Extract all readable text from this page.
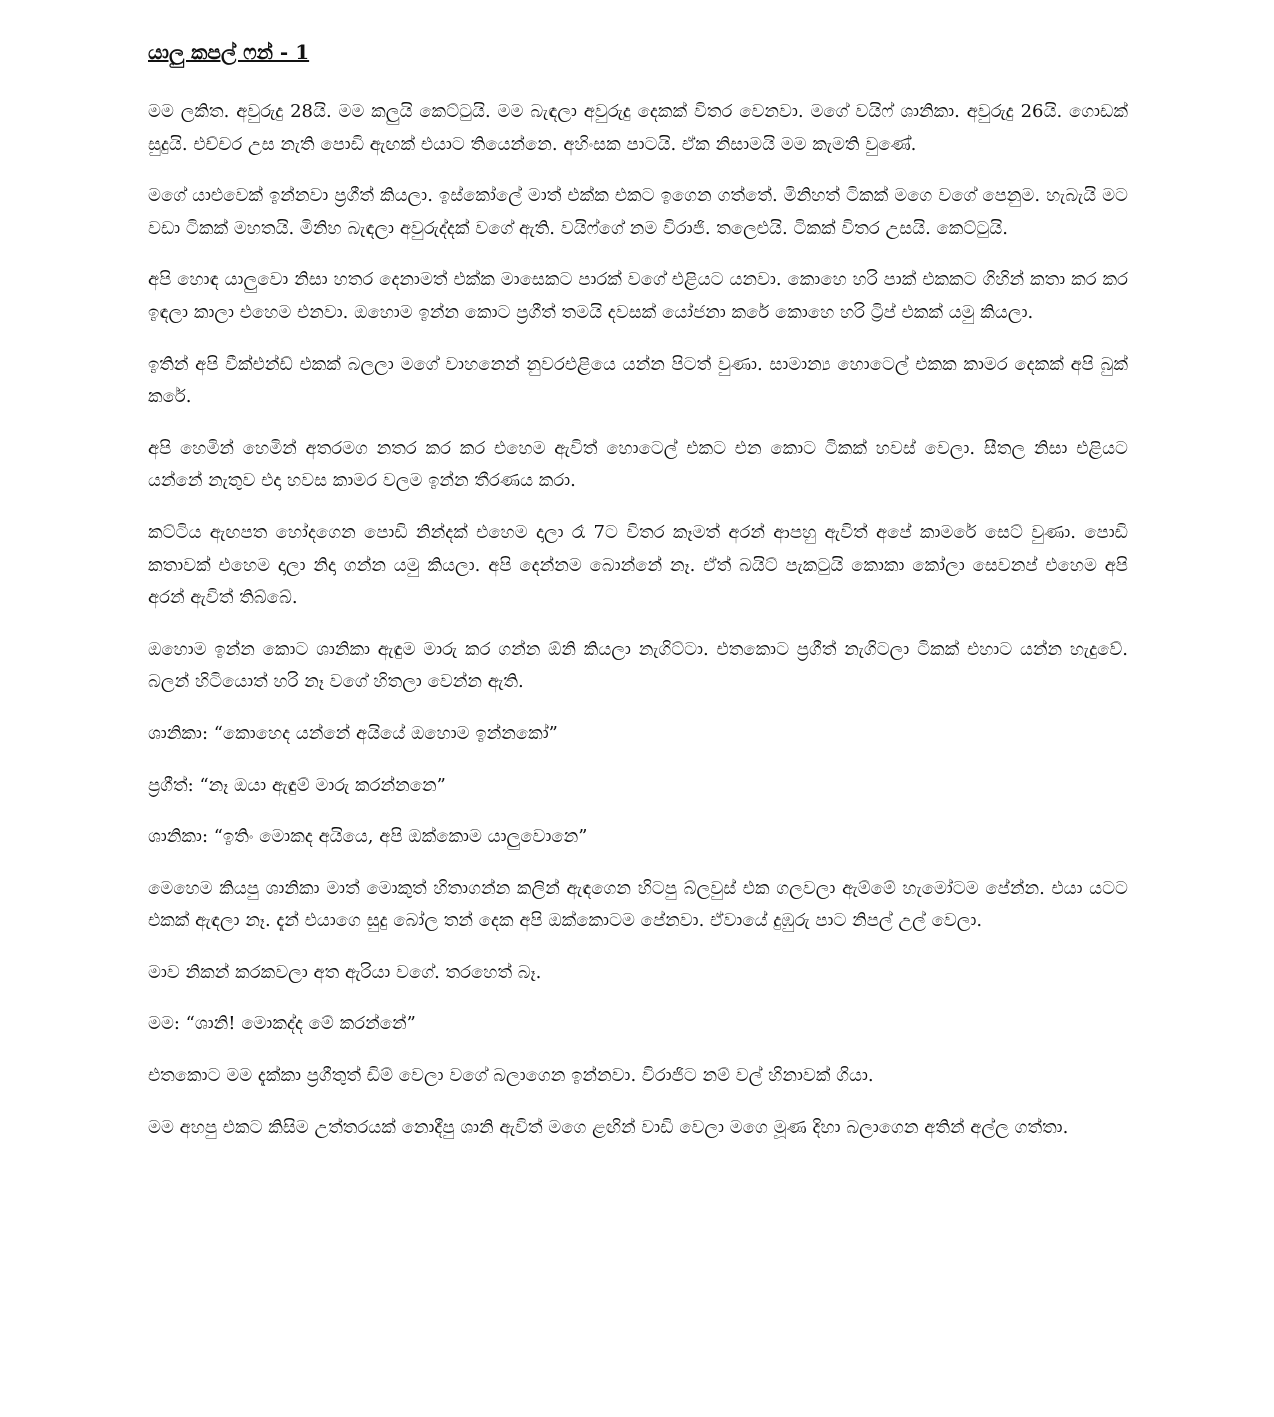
යාලු කපල් ෆන් - 1

මම ලකිත. අවුරුදු 28යි. මම කලුයි කෙට්ටුයි. මම බැඳලා අවුරුදු දෙකක් විතර වෙනවා. මගේ වයිෆ් ශානිකා. අවුරුදු 26යි. ගොඩක් සුදුයි. එච්චර උස නැති පොඩි ඇඟක් එයාට තියෙන්නෙ. අහිංසක පාටයි. ඒක නිසාමයි මම කැමති වුණේ.

මගේ යාළුවෙක් ඉන්නවා ප්‍රගීත් කියලා. ඉස්කෝලේ මාත් එක්ක එකට ඉගෙන ගත්තේ. මිනිහත් ටිකක් මගෙ වගේ පෙනුම. හැබැයි මට වඩා ටිකක් මහතයි. මිනිහ බැඳලා අවුරුද්දක් වගේ ඇති. වයිෆ්ගේ නම විරාජි. තලෙළුයි. ටිකක් විතර උසයි. කෙට්ටුයි.

අපි හොඳ යාලුවො නිසා හතර දෙනාමත් එක්ක මාසෙකට පාරක් වගේ එළියට යනවා. කොහෙ හරි පාක් එකකට ගිහින් කතා කර කර ඉඳලා කාලා එහෙම එනවා. ඔහොම ඉන්න කොට ප්‍රගීත් තමයි දවසක් යෝජනා කරේ කොහෙ හරි ට්‍රිප් එකක් යමු කියලා.

ඉතින් අපි වීක්එන්ඩ් එකක් බලලා මගේ වාහනෙන් නුවරඑළියෙ යන්න පිටත් වුණා. සාමාන්‍ය හොටෙල් එකක කාමර දෙකක් අපි බුක් කරේ.

අපි හෙමින් හෙමින් අතරමග නතර කර කර එහෙම ඇවිත් හොටෙල් එකට එන කොට ටිකක් හවස් වෙලා. සීතල නිසා එළියට යන්නේ නැතුව එදා හවස කාමර වලම ඉන්න තීරණය කරා.

කට්ටිය ඇඟපත හෝදගෙන පොඩි නින්දක් එහෙම දාලා රෑ 7ට විතර කෑමත් අරන් ආපහු ඇවිත් අපේ කාමරේ සෙට් වුණා. පොඩි කතාවක් එහෙම දාලා නිදා ගන්න යමු කියලා. අපි දෙන්නම බොන්නේ නෑ. ඒත් බයිට් පැකටුයි කොකා කෝලා සෙවනප් එහෙම අපි අරන් ඇවිත් තිබ්බේ.

ඔහොම ඉන්න කොට ශානිකා ඇඳුම මාරු කර ගන්න ඕනි කියලා නැගිට්ටා. එතකොට ප්‍රගීත් නැගිටලා ටිකක් එහාට යන්න හැදුවේ. බලන් හිටියොත් හරි නෑ වගේ හිතලා වෙන්න ඇති.

ශානිකා: “කොහෙද යන්නේ අයියේ ඔහොම ඉන්නකෝ”

ප්‍රගීත්: “නෑ ඔයා ඇඳුම් මාරු කරන්නනෙ”

ශානිකා: “ඉතිං මොකද අයියෙ, අපි ඔක්කොම යාලුවොනෙ”

මෙහෙම කියපු ශානිකා මාත් මොකුත් හිතාගන්න කලින් ඇඳගෙන හිටපු බ්ලවුස් එක ගලවලා ඇම්මේ හැමෝටම පේන්න. එයා යටට එකක් ඇඳලා නෑ. දැන් එයාගෙ සුදු බෝල තන් දෙක අපි ඔක්කොටම පේනවා. ඒවායේ දුඹුරු පාට නිපල් උල් වෙලා.

මාව නිකන් කරකවලා අත ඇරියා වගේ. තරහෙත් බෑ.

මම: “ශානි! මොකද්ද මේ කරන්නේ”

එතකොට මම දැක්කා ප්‍රගීතුත් ඩිම් වෙලා වගේ බලාගෙන ඉන්නවා. විරාජිට නම් වල් හිනාවක් ගියා.

මම අහපු එකට කිසිම උත්තරයක් නොදීපු ශානි ඇවිත් මගෙ ළඟින් වාඩි වෙලා මගෙ මූණ දිහා බලාගෙන අතින් අල්ල ගත්තා.
